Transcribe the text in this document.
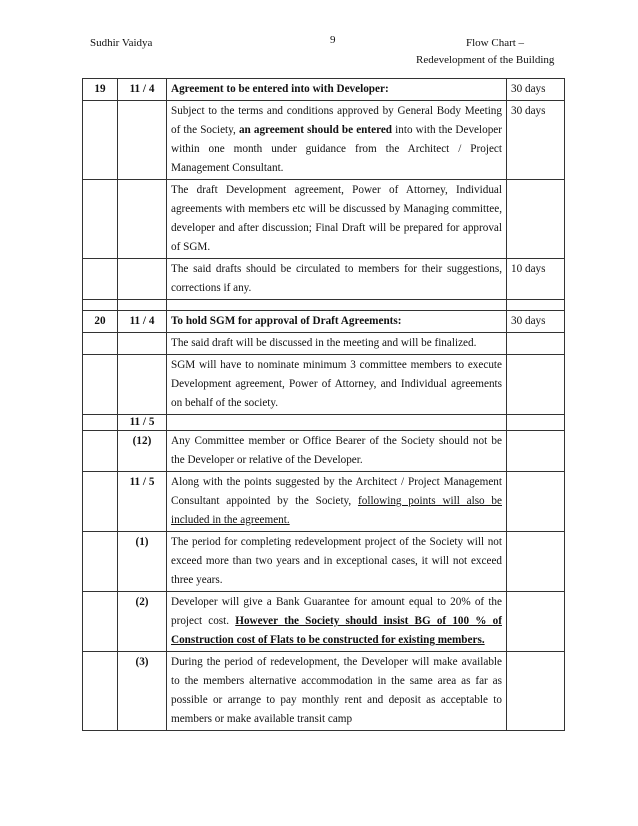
Sudhir Vaidya	9	Flow Chart –
Redevelopment of the Building
19	11 / 4	Agreement to be entered into with Developer:	30 days
		Subject to the terms and conditions approved by General Body Meeting of the Society, an agreement should be entered into with the Developer within one month under guidance from the Architect / Project Management Consultant.	30 days
		The draft Development agreement, Power of Attorney, Individual agreements with members etc will be discussed by Managing committee, developer and after discussion; Final Draft will be prepared for approval of SGM.	
		The said drafts should be circulated to members for their suggestions, corrections if any.	10 days

20	11 / 4	To hold SGM for approval of Draft Agreements:	30 days
		The said draft will be discussed in the meeting and will be finalized.	
		SGM will have to nominate minimum 3 committee members to execute Development agreement, Power of Attorney, and Individual agreements on behalf of the society.	
	11 / 5		
	(12)	Any Committee member or Office Bearer of the Society should not be the Developer or relative of the Developer.	
	11 / 5	Along with the points suggested by the Architect / Project Management Consultant appointed by the Society, following points will also be included in the agreement.	
	(1)	The period for completing redevelopment project of the Society will not exceed more than two years and in exceptional cases, it will not exceed three years.	
	(2)	Developer will give a Bank Guarantee for amount equal to 20% of the project cost. However the Society should insist BG of 100 % of Construction cost of Flats to be constructed for existing members.	
	(3)	During the period of redevelopment, the Developer will make available to the members alternative accommodation in the same area as far as possible or arrange to pay monthly rent and deposit as acceptable to members or make available transit camp	
